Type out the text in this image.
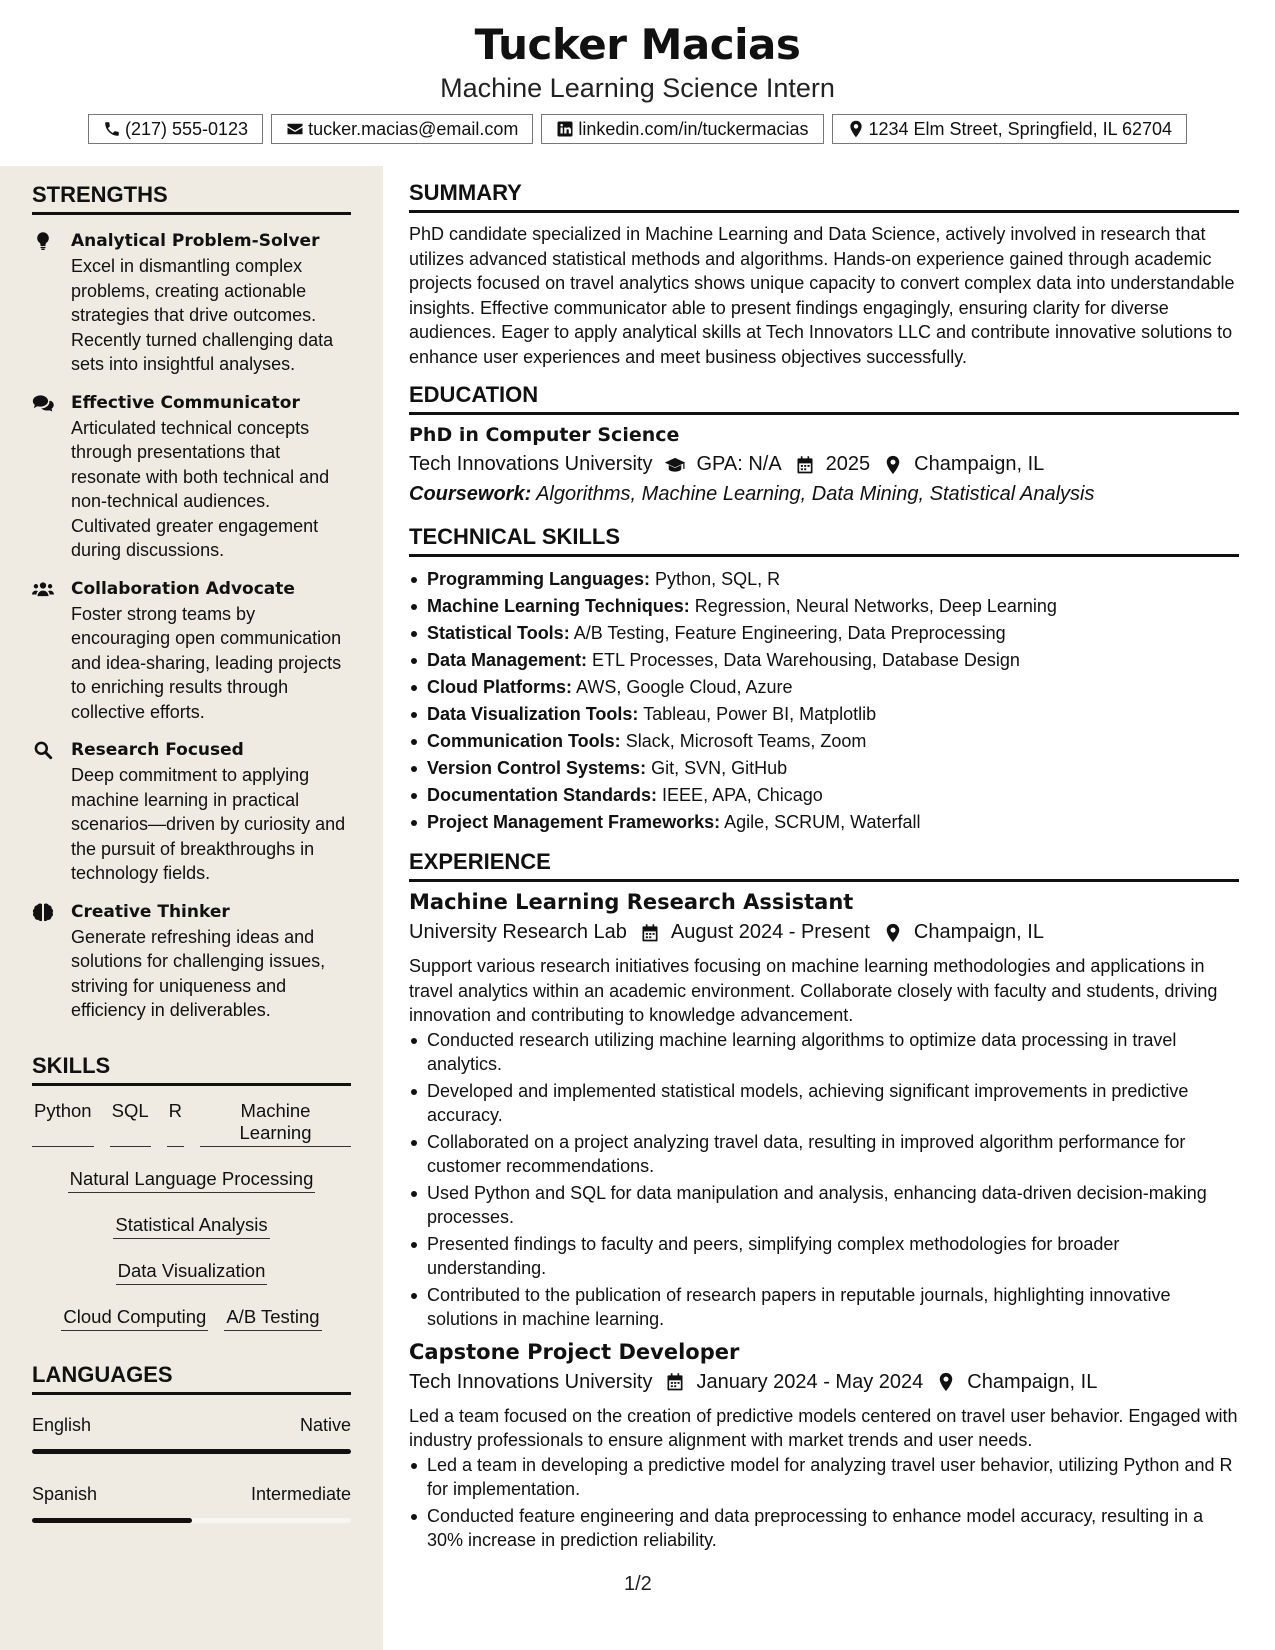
Tucker Macias
Machine Learning Science Intern
(217) 555-0123	tucker.macias@email.com	linkedin.com/in/tuckermacias	1234 Elm Street, Springfield, IL 62704
STRENGTHS
Analytical Problem-Solver
Excel in dismantling complex problems, creating actionable strategies that drive outcomes. Recently turned challenging data sets into insightful analyses.
Effective Communicator
Articulated technical concepts through presentations that resonate with both technical and non-technical audiences. Cultivated greater engagement during discussions.
Collaboration Advocate
Foster strong teams by encouraging open communication and idea-sharing, leading projects to enriching results through collective efforts.
Research Focused
Deep commitment to applying machine learning in practical scenarios—driven by curiosity and the pursuit of breakthroughs in technology fields.
Creative Thinker
Generate refreshing ideas and solutions for challenging issues, striving for uniqueness and efficiency in deliverables.
SKILLS
Python SQL R	Machine Learning
Natural Language Processing
Statistical Analysis
Data Visualization
Cloud Computing A/B Testing
LANGUAGES
English	Native
Spanish	Intermediate
SUMMARY
PhD candidate specialized in Machine Learning and Data Science, actively involved in research that utilizes advanced statistical methods and algorithms. Hands-on experience gained through academic projects focused on travel analytics shows unique capacity to convert complex data into understandable insights. Effective communicator able to present findings engagingly, ensuring clarity for diverse audiences. Eager to apply analytical skills at Tech Innovators LLC and contribute innovative solutions to enhance user experiences and meet business objectives successfully.
EDUCATION
PhD in Computer Science
Tech Innovations University GPA: N/A 2025 Champaign, IL
Coursework: Algorithms, Machine Learning, Data Mining, Statistical Analysis
TECHNICAL SKILLS
Programming Languages: Python, SQL, R
Machine Learning Techniques: Regression, Neural Networks, Deep Learning
Statistical Tools: A/B Testing, Feature Engineering, Data Preprocessing
Data Management: ETL Processes, Data Warehousing, Database Design
Cloud Platforms: AWS, Google Cloud, Azure
Data Visualization Tools: Tableau, Power BI, Matplotlib
Communication Tools: Slack, Microsoft Teams, Zoom
Version Control Systems: Git, SVN, GitHub
Documentation Standards: IEEE, APA, Chicago
Project Management Frameworks: Agile, SCRUM, Waterfall
EXPERIENCE
Machine Learning Research Assistant
University Research Lab August 2024 - Present Champaign, IL
Support various research initiatives focusing on machine learning methodologies and applications in travel analytics within an academic environment. Collaborate closely with faculty and students, driving innovation and contributing to knowledge advancement.
Conducted research utilizing machine learning algorithms to optimize data processing in travel analytics.
Developed and implemented statistical models, achieving significant improvements in predictive accuracy.
Collaborated on a project analyzing travel data, resulting in improved algorithm performance for customer recommendations.
Used Python and SQL for data manipulation and analysis, enhancing data-driven decision-making processes.
Presented findings to faculty and peers, simplifying complex methodologies for broader understanding.
Contributed to the publication of research papers in reputable journals, highlighting innovative solutions in machine learning.
Capstone Project Developer
Tech Innovations University January 2024 - May 2024 Champaign, IL
Led a team focused on the creation of predictive models centered on travel user behavior. Engaged with industry professionals to ensure alignment with market trends and user needs.
Led a team in developing a predictive model for analyzing travel user behavior, utilizing Python and R for implementation.
Conducted feature engineering and data preprocessing to enhance model accuracy, resulting in a 30% increase in prediction reliability.
1/2
